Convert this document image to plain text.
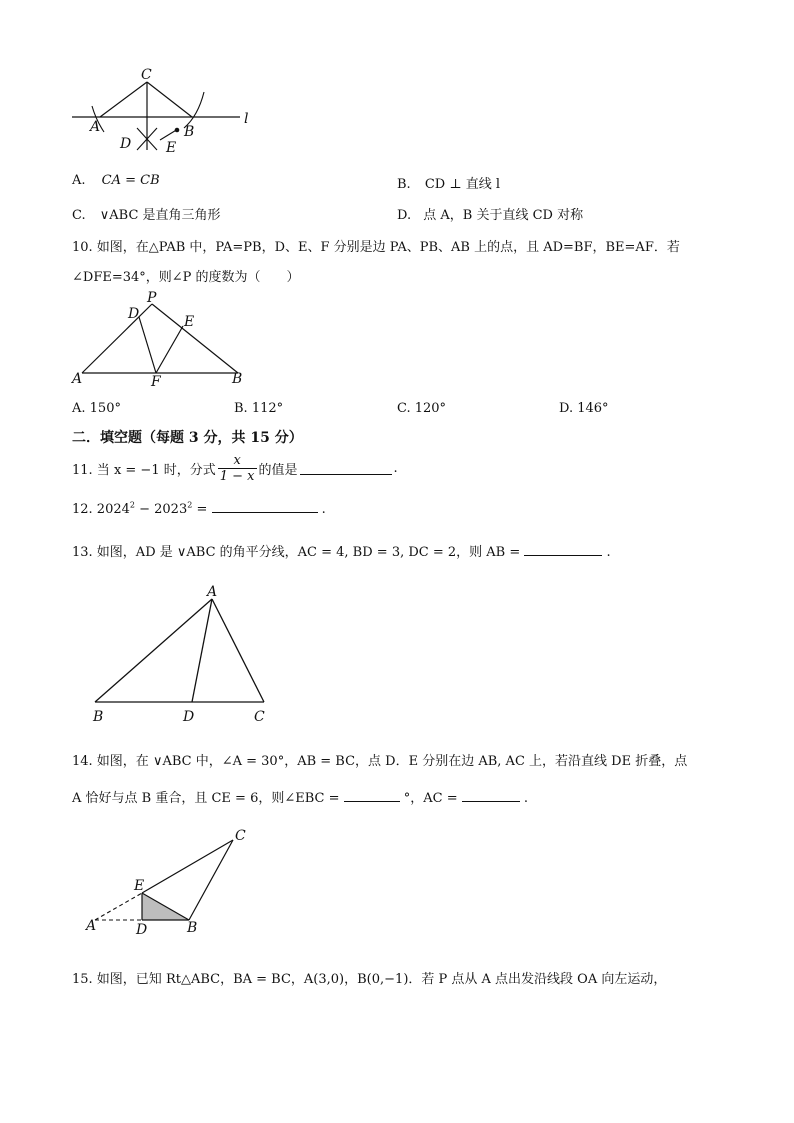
C
A	B
D E
l
A. CA = CB	B. CD ⊥ 直线 l
C. ∨ABC 是直角三角形	D. 点 A，B 关于直线 CD 对称
10. 如图，在△PAB 中，PA=PB，D、E、F 分别是边 PA、PB、AB 上的点，且 AD=BF，BE=AF．若
∠DFE=34°，则∠P 的度数为（　　）
P
D	E
A	F	B
A. 150°	B. 112°	C. 120°	D. 146°
二．填空题（每题 3 分，共 15 分）
11. 当 x = −1 时，分式 $\frac{x}{1 - x}$ 的值是	.
12. $2024^2 - 2023^2$ =	.
13. 如图，AD 是 ∨ABC 的角平分线，AC = 4, BD = 3, DC = 2，则 AB =	.
A
B	D	C
14. 如图，在 ∨ABC 中，∠A = 30°，AB = BC，点 D．E 分别在边 AB, AC 上，若沿直线 DE 折叠，点
A 恰好与点 B 重合，且 CE = 6，则∠EBC =	°，AC =	.
C
E
A	D	B
15. 如图，已知 Rt△ABC，BA = BC，A(3,0)，B(0,−1)．若 P 点从 A 点出发沿线段 OA 向左运动，
